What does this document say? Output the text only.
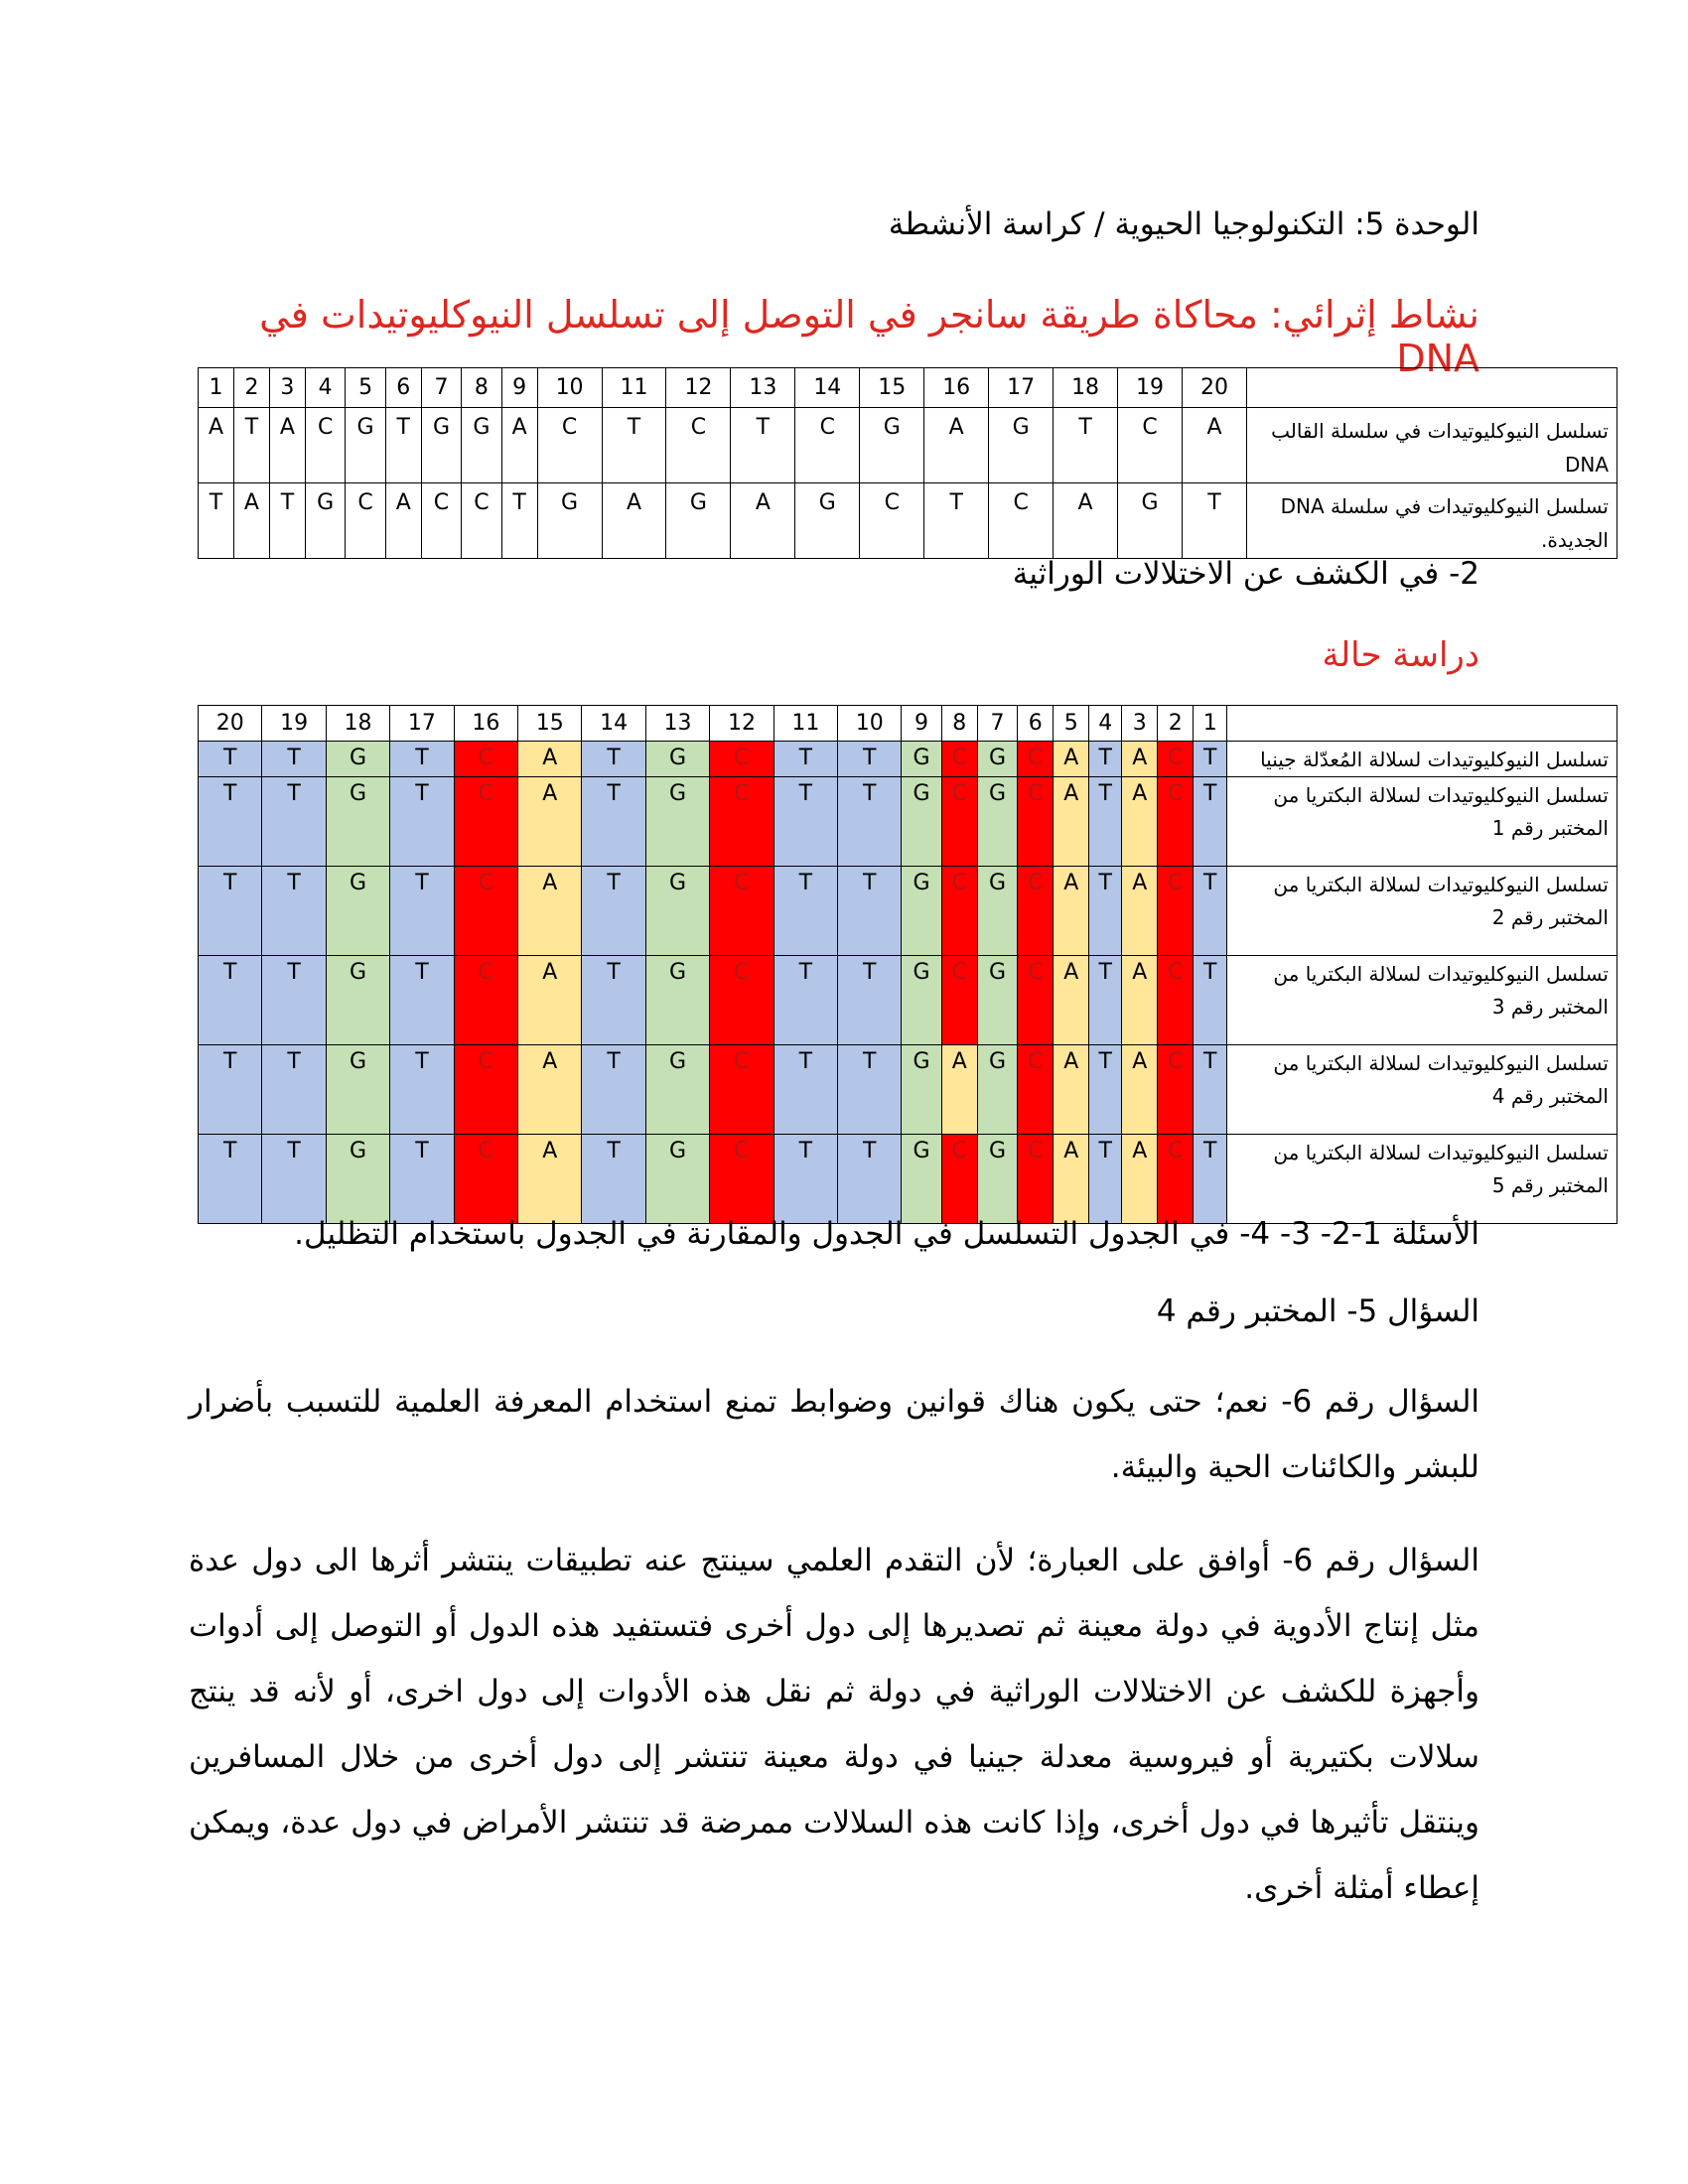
الوحدة 5: التكنولوجيا الحيوية / كراسة الأنشطة
نشاط إثرائي: محاكاة طريقة سانجر في التوصل إلى تسلسل النيوكليوتيدات في DNA
1	2	3	4	5	6	7	8	9	10	11	12	13	14	15	16	17	18	19	20	
A	T	A	C	G	T	G	G	A	C	T	C	T	C	G	A	G	T	C	A	تسلسل النيوكليوتيدات في سلسلة القالب DNA
T	A	T	G	C	A	C	C	T	G	A	G	A	G	C	T	C	A	G	T	تسلسل النيوكليوتيدات في سلسلة DNA الجديدة.
2- في الكشف عن الاختلالات الوراثية
دراسة حالة
20	19	18	17	16	15	14	13	12	11	10	9	8	7	6	5	4	3	2	1	
T	T	G	T	C	A	T	G	C	T	T	G	C	G	C	A	T	A	C	T	تسلسل النيوكليوتيدات لسلالة المُعدّلة جينيا
T	T	G	T	C	A	T	G	C	T	T	G	C	G	C	A	T	A	C	T	تسلسل النيوكليوتيدات لسلالة البكتريا من المختبر رقم 1
T	T	G	T	C	A	T	G	C	T	T	G	C	G	C	A	T	A	C	T	تسلسل النيوكليوتيدات لسلالة البكتريا من المختبر رقم 2
T	T	G	T	C	A	T	G	C	T	T	G	C	G	C	A	T	A	C	T	تسلسل النيوكليوتيدات لسلالة البكتريا من المختبر رقم 3
T	T	G	T	C	A	T	G	C	T	T	G	A	G	C	A	T	A	C	T	تسلسل النيوكليوتيدات لسلالة البكتريا من المختبر رقم 4
T	T	G	T	C	A	T	G	C	T	T	G	C	G	C	A	T	A	C	T	تسلسل النيوكليوتيدات لسلالة البكتريا من المختبر رقم 5

الأسئلة 1-2- 3- 4- في الجدول التسلسل في الجدول والمقارنة في الجدول باستخدام التظليل.

السؤال 5- المختبر رقم 4

السؤال رقم 6- نعم؛ حتى يكون هناك قوانين وضوابط تمنع استخدام المعرفة العلمية للتسبب بأضرار للبشر والكائنات الحية والبيئة.

السؤال رقم 6- أوافق على العبارة؛ لأن التقدم العلمي سينتج عنه تطبيقات ينتشر أثرها الى دول عدة مثل إنتاج الأدوية في دولة معينة ثم تصديرها إلى دول أخرى فتستفيد هذه الدول أو التوصل إلى أدوات وأجهزة للكشف عن الاختلالات الوراثية في دولة ثم نقل هذه الأدوات إلى دول اخرى، أو لأنه قد ينتج سلالات بكتيرية أو فيروسية معدلة جينيا في دولة معينة تنتشر إلى دول أخرى من خلال المسافرين وينتقل تأثيرها في دول أخرى، وإذا كانت هذه السلالات ممرضة قد تنتشر الأمراض في دول عدة، ويمكن إعطاء أمثلة أخرى.
